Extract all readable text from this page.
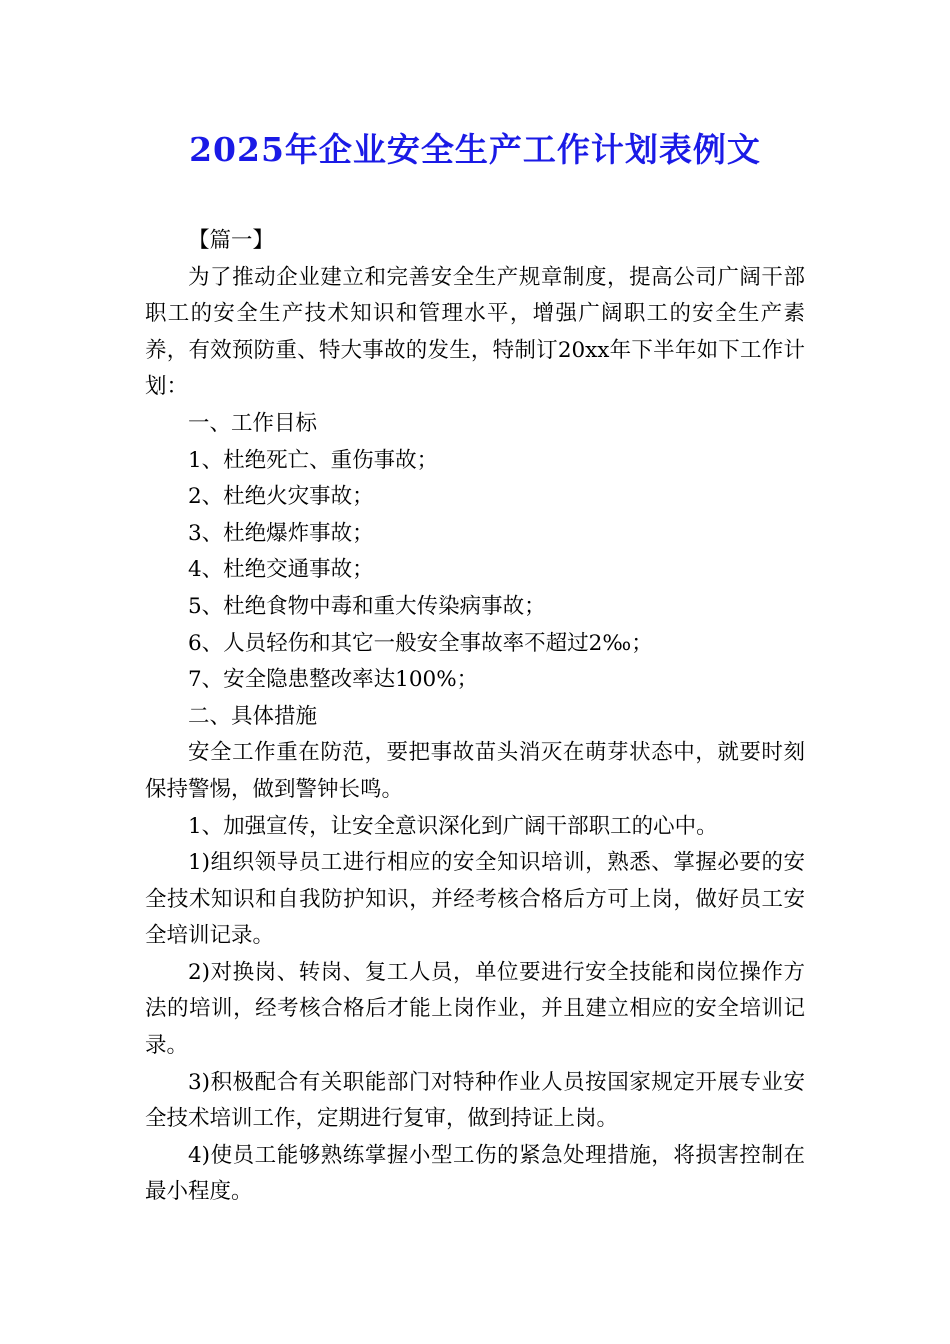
2025年企业安全生产工作计划表例文

【篇一】

为了推动企业建立和完善安全生产规章制度，提高公司广阔干部职工的安全生产技术知识和管理水平，增强广阔职工的安全生产素养，有效预防重、特大事故的发生，特制订20xx年下半年如下工作计划：

一、工作目标

1、杜绝死亡、重伤事故；

2、杜绝火灾事故；

3、杜绝爆炸事故；

4、杜绝交通事故；

5、杜绝食物中毒和重大传染病事故；

6、人员轻伤和其它一般安全事故率不超过2‰；

7、安全隐患整改率达100%；

二、具体措施

安全工作重在防范，要把事故苗头消灭在萌芽状态中，就要时刻保持警惕，做到警钟长鸣。

1、加强宣传，让安全意识深化到广阔干部职工的心中。

1)组织领导员工进行相应的安全知识培训，熟悉、掌握必要的安全技术知识和自我防护知识，并经考核合格后方可上岗，做好员工安全培训记录。

2)对换岗、转岗、复工人员，单位要进行安全技能和岗位操作方法的培训，经考核合格后才能上岗作业，并且建立相应的安全培训记录。

3)积极配合有关职能部门对特种作业人员按国家规定开展专业安全技术培训工作，定期进行复审，做到持证上岗。

4)使员工能够熟练掌握小型工伤的紧急处理措施，将损害控制在最小程度。
